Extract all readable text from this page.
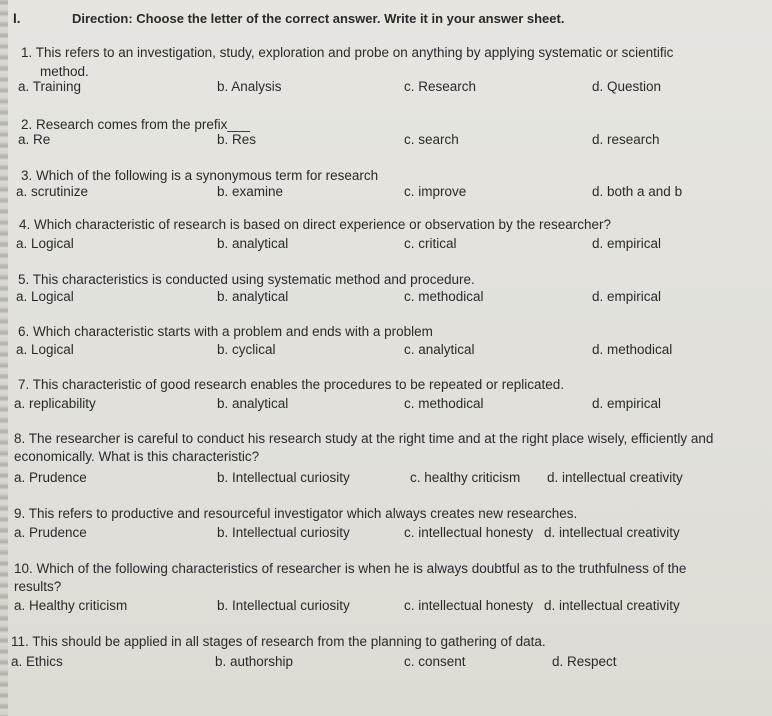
I.	Direction: Choose the letter of the correct answer. Write it in your answer sheet.
1. This refers to an investigation, study, exploration and probe on anything by applying systematic or scientific
method.
a. Training	b. Analysis	c. Research	d. Question
2. Research comes from the prefix___
a. Re	b. Res	c. search	d. research
3. Which of the following is a synonymous term for research
a. scrutinize	b. examine	c. improve	d. both a and b
4. Which characteristic of research is based on direct experience or observation by the researcher?
a. Logical	b. analytical	c. critical	d. empirical
5. This characteristics is conducted using systematic method and procedure.
a. Logical	b. analytical	c. methodical	d. empirical
6. Which characteristic starts with a problem and ends with a problem
a. Logical	b. cyclical	c. analytical	d. methodical
7. This characteristic of good research enables the procedures to be repeated or replicated.
a. replicability	b. analytical	c. methodical	d. empirical
8. The researcher is careful to conduct his research study at the right time and at the right place wisely, efficiently and
economically. What is this characteristic?
a. Prudence	b. Intellectual curiosity	c. healthy criticism d. intellectual creativity
9. This refers to productive and resourceful investigator which always creates new researches.
a. Prudence	b. Intellectual curiosity	c. intellectual honesty d. intellectual creativity
10. Which of the following characteristics of researcher is when he is always doubtful as to the truthfulness of the
results?
a. Healthy criticism	b. Intellectual curiosity	c. intellectual honesty d. intellectual creativity
11. This should be applied in all stages of research from the planning to gathering of data.
a. Ethics	b. authorship	c. consent	d. Respect
